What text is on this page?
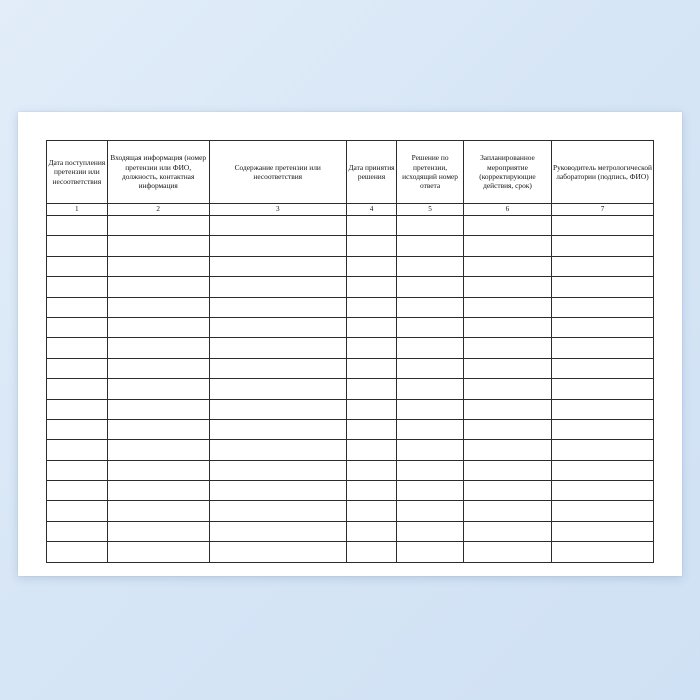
Дата поступления претензии или несоответствия	Входящая информация (номер претензии или ФИО, должность, контактная информация	Содержание претензии или несоответствия	Дата принятия решения	Решение по претензии, исходящий номер ответа	Запланированное мероприятие (корректирующие действия, срок)	Руководитель метрологической лаборатории (подпись, ФИО)
1	2	3	4	5	6	7
